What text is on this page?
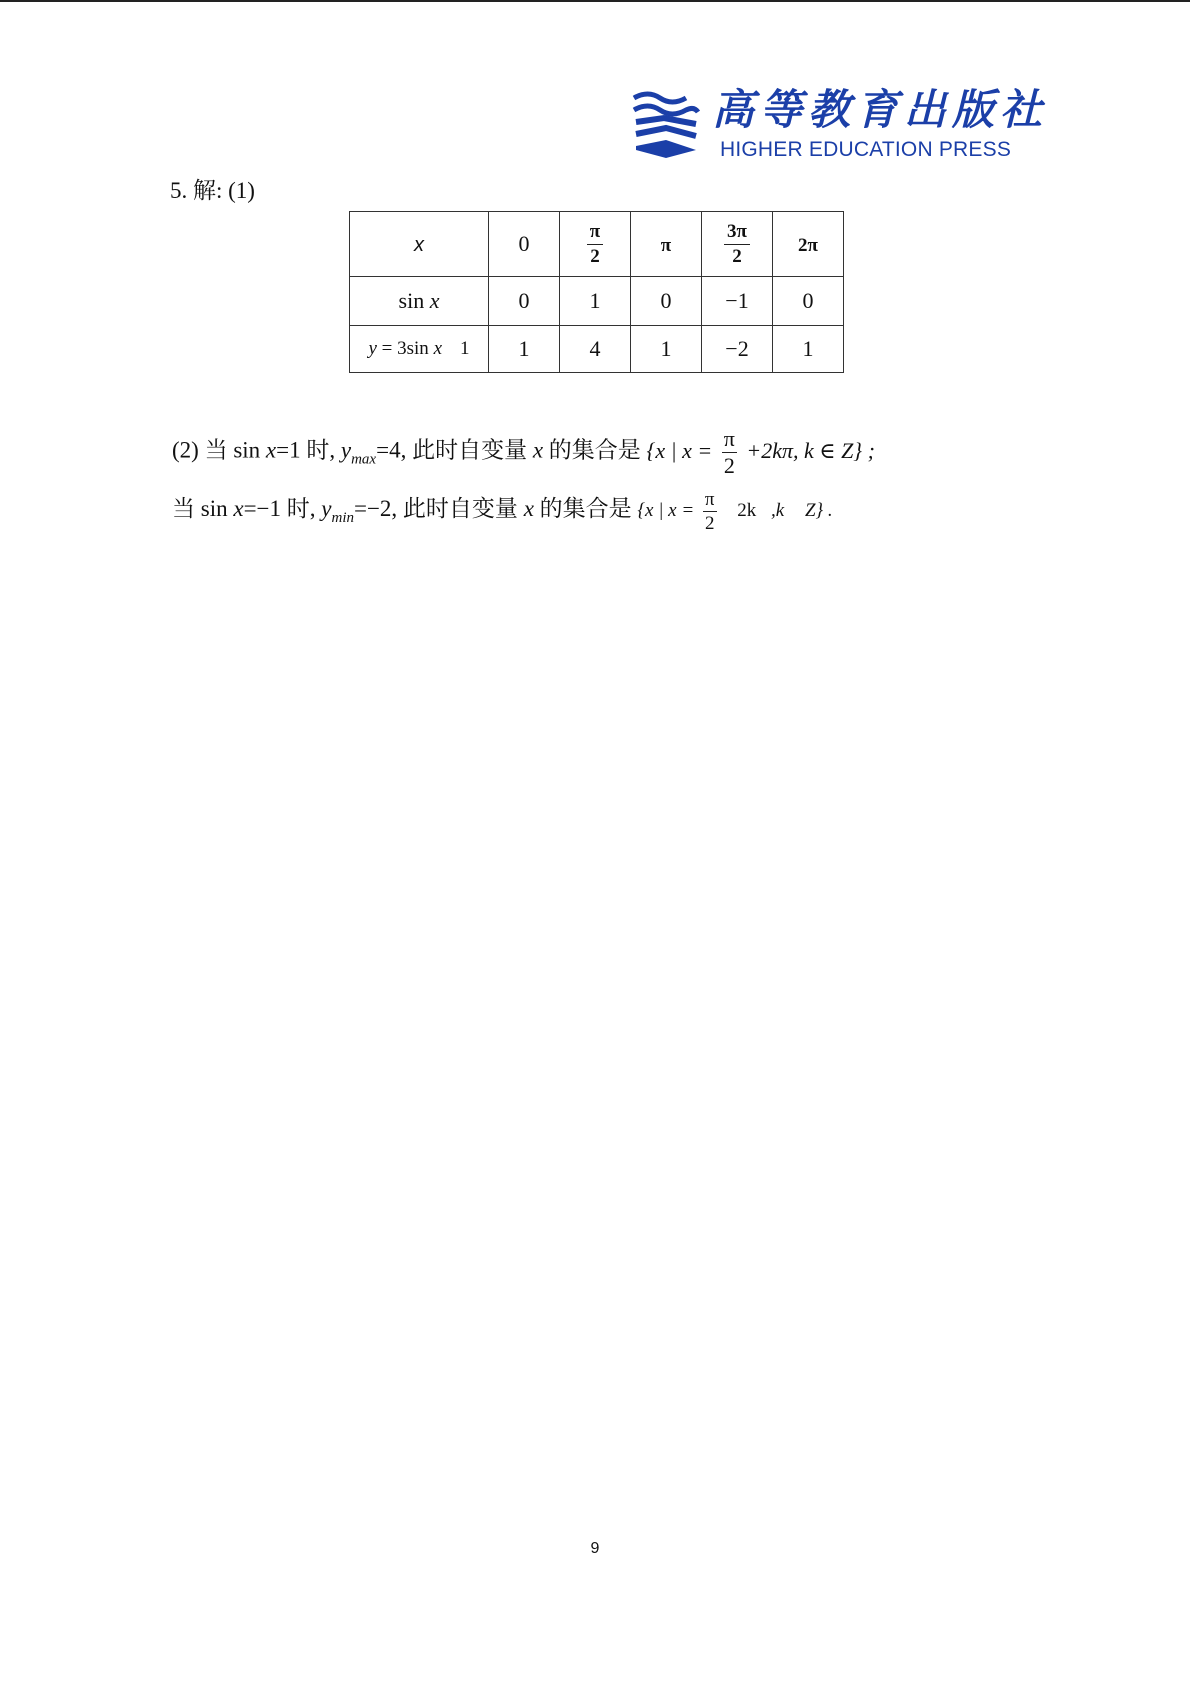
高等教育出版社
HIGHER EDUCATION PRESS
5. 解: (1)
x	0	$\frac{\pi}{2}$	π	$\frac{3\pi}{2}$	2π
sin x	0	1	0	−1	0
y = 3sin x 1	1	4	1	−2	1
(2) 当 sin x=1 时, $y_{max}=4$, 此时自变量 x 的集合是 {x | $x = \frac{\pi}{2} +2k\pi$, k ∈ Z} ;
当 sin x=−1 时, $y_{min}=-2$, 此时自变量 x 的集合是 {x | $x = \frac{\pi}{2} 2k$ ,k Z} .
9
